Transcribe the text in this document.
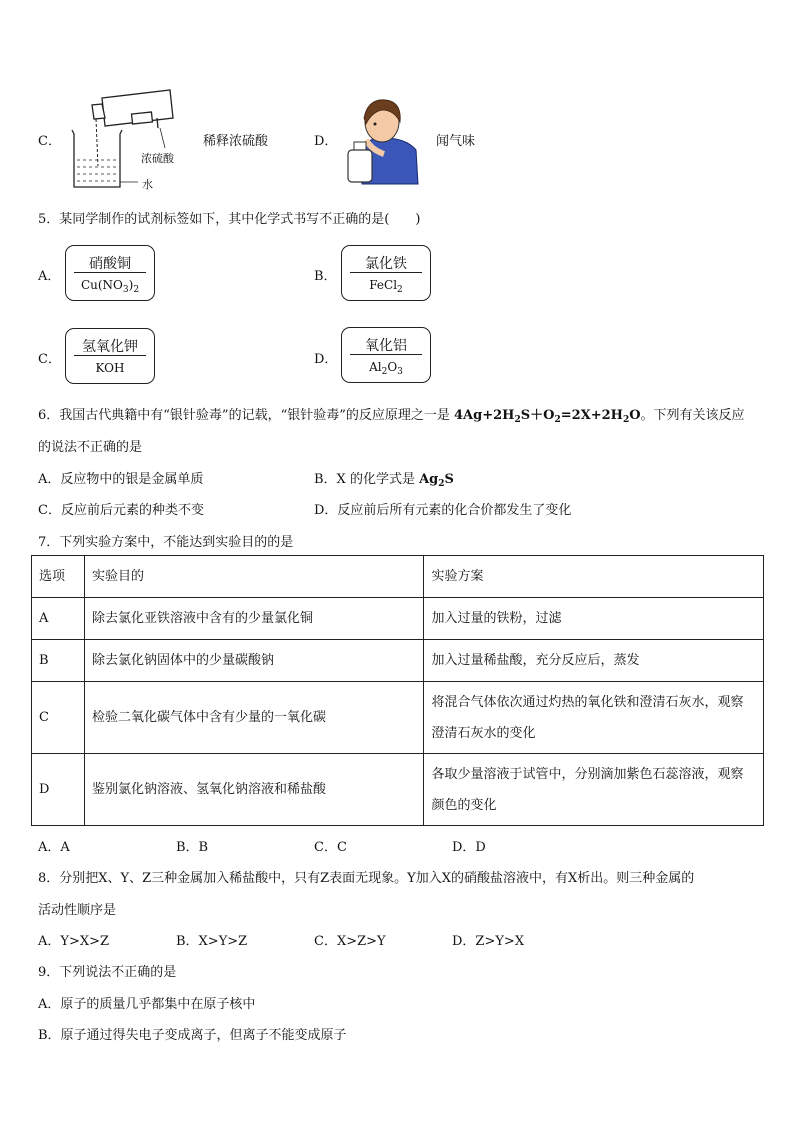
C．
浓硫酸
水
稀释浓硫酸	D．	闻气味
5．某同学制作的试剂标签如下，其中化学式书写不正确的是(　　)
A．
硝酸铜
$Cu(NO_3)_2$
B．
氯化铁
FeCl$_2$
C．
氢氧化钾
KOH
D．
氧化铝
$Al_2O_3$
6．我国古代典籍中有“银针验毒”的记载，“银针验毒”的反应原理之一是 $4Ag+2H_2S+O_2=2X+2H_2O$。下列有关该反应
的说法不正确的是
A．反应物中的银是金属单质	B．X 的化学式是 $Ag_2S$
C．反应前后元素的种类不变	D．反应前后所有元素的化合价都发生了变化
7．下列实验方案中，不能达到实验目的的是
选项	实验目的	实验方案
A	除去氯化亚铁溶液中含有的少量氯化铜	加入过量的铁粉，过滤
B	除去氯化钠固体中的少量碳酸钠	加入过量稀盐酸，充分反应后，蒸发
C	检验二氧化碳气体中含有少量的一氧化碳	将混合气体依次通过灼热的氧化铁和澄清石灰水，观察澄清石灰水的变化
D	鉴别氯化钠溶液、氢氧化钠溶液和稀盐酸	各取少量溶液于试管中，分别滴加紫色石蕊溶液，观察颜色的变化
A．A	B．B	C．C	D．D
8．分别把X、Y、Z三种金属加入稀盐酸中，只有Z表面无现象。Y加入X的硝酸盐溶液中，有X析出。则三种金属的
活动性顺序是
A．Y>X>Z	B．X>Y>Z	C．X>Z>Y	D．Z>Y>X
9．下列说法不正确的是
A．原子的质量几乎都集中在原子核中
B．原子通过得失电子变成离子，但离子不能变成原子
